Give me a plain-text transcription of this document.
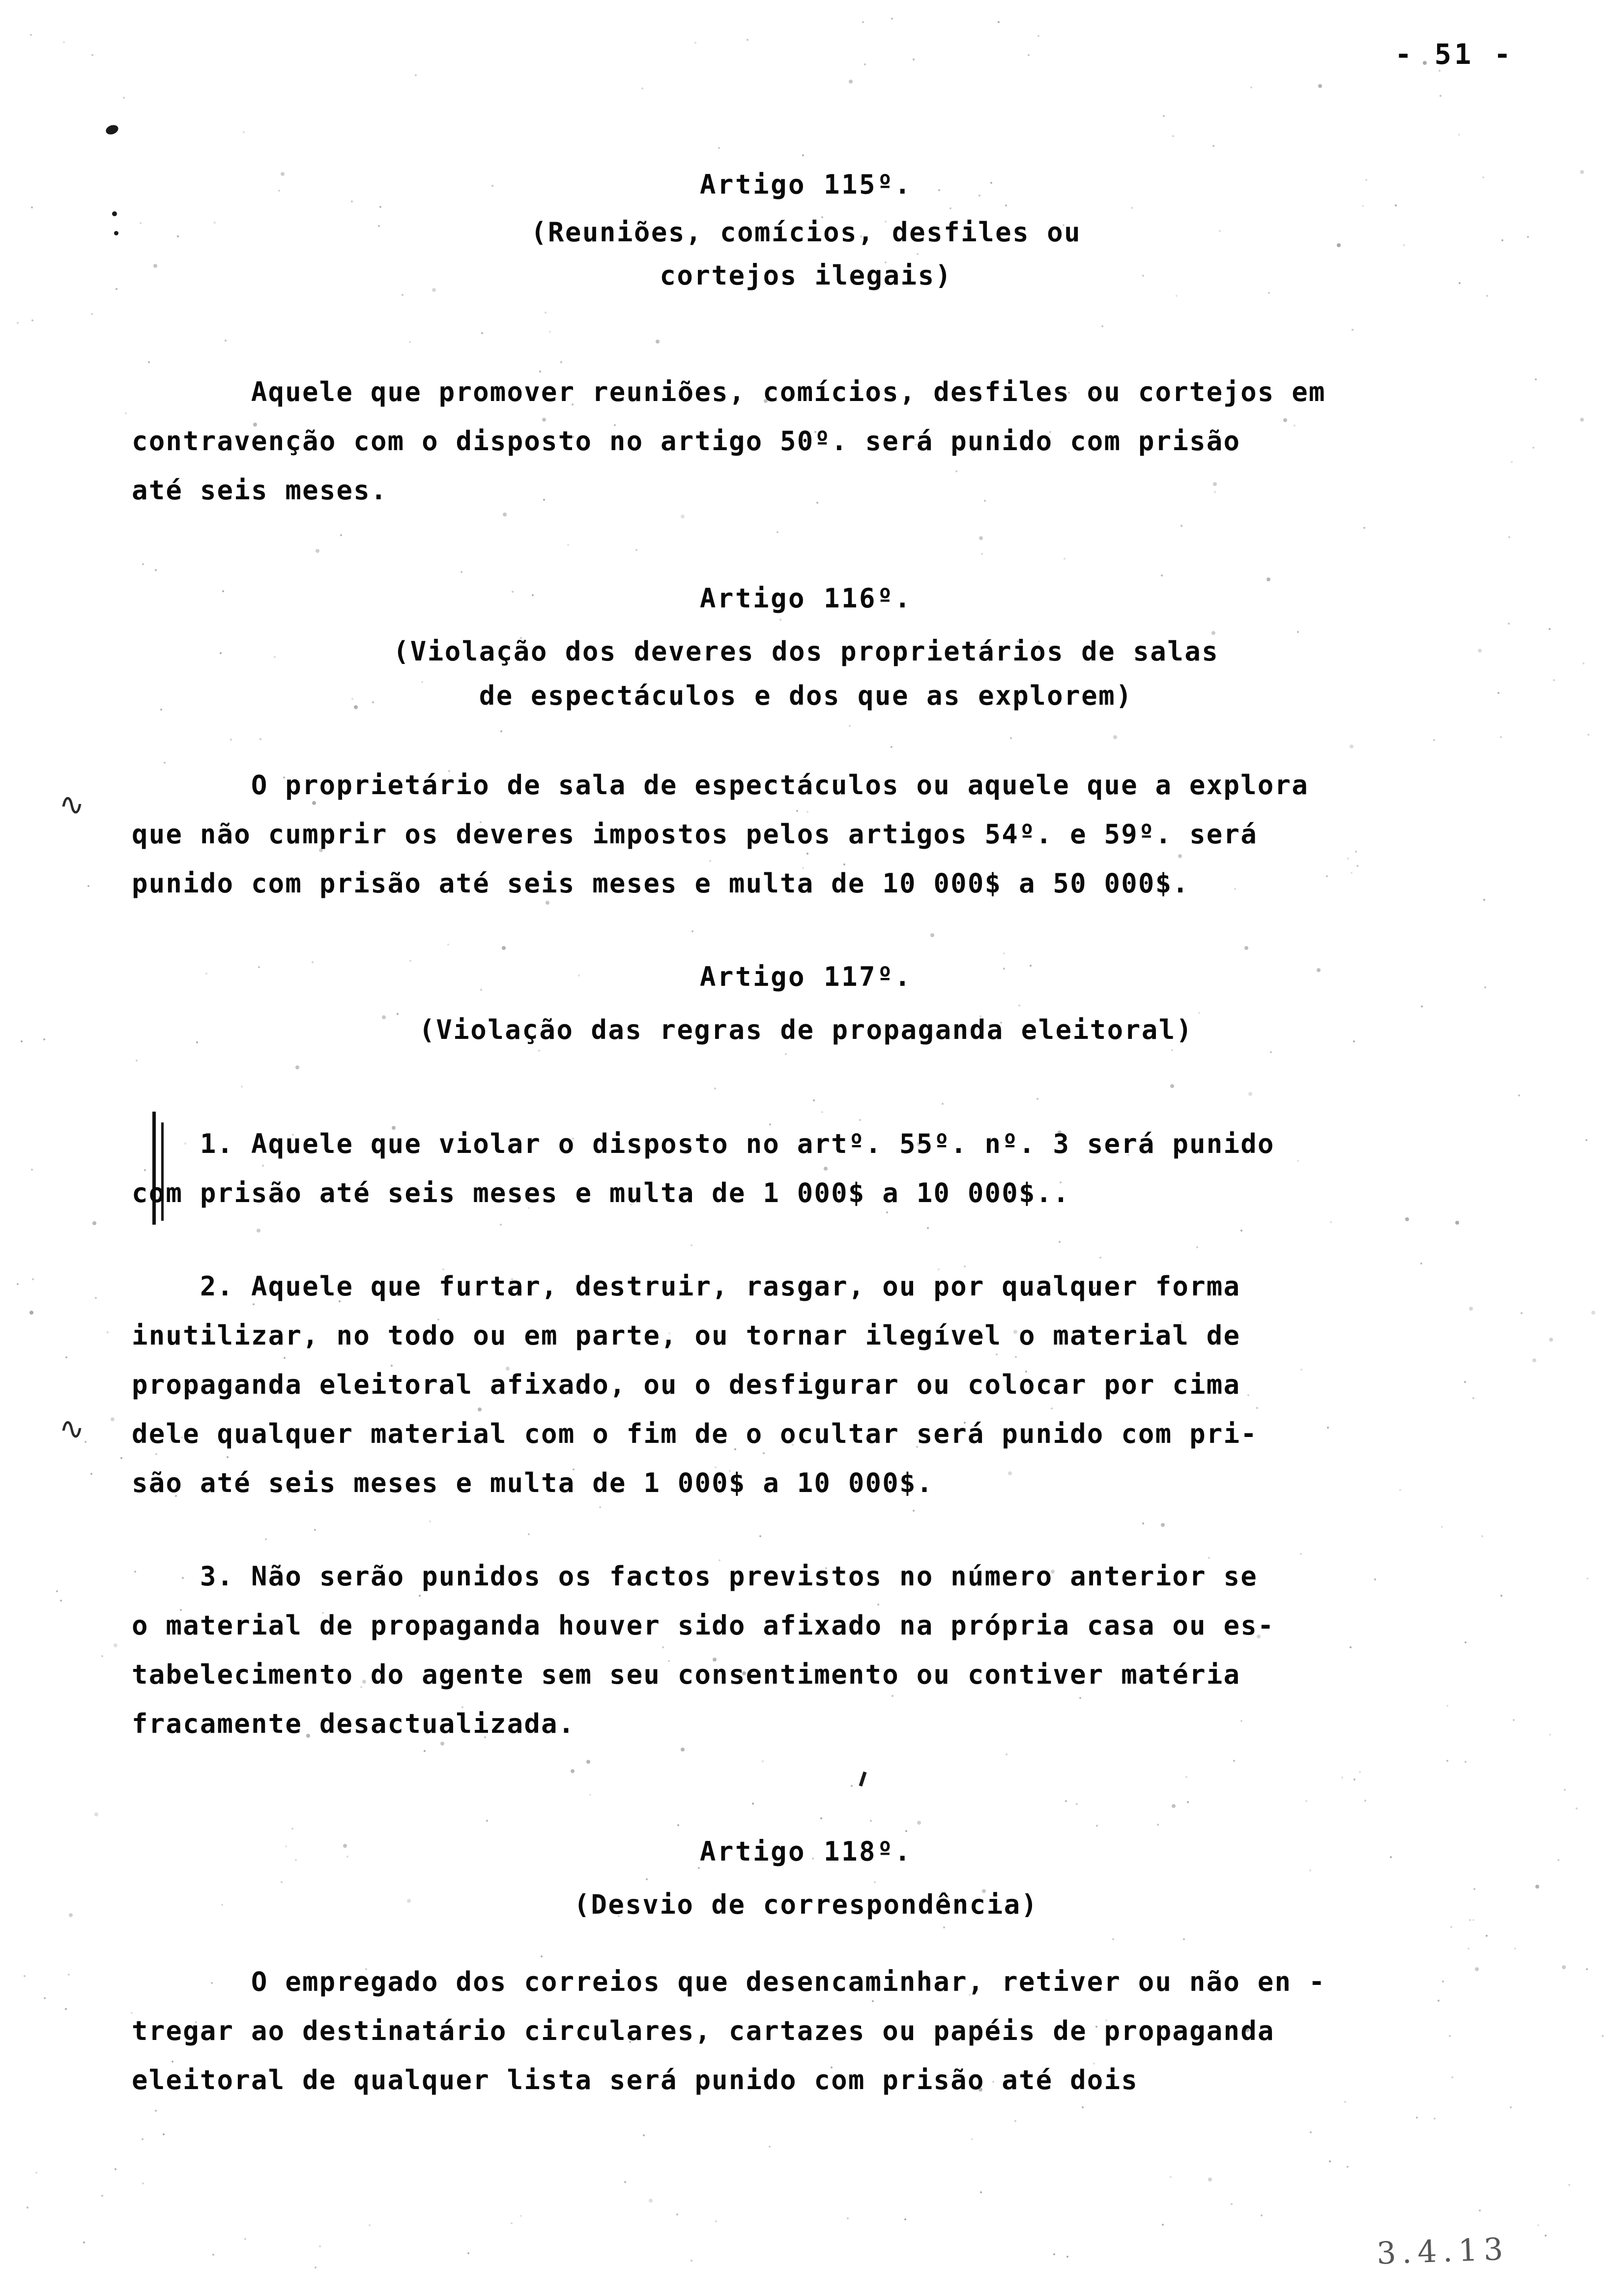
- 51 -
Artigo 115º.
(Reuniões, comícios, desfiles ou
cortejos ilegais)
Aquele que promover reuniões, comícios, desfiles ou cortejos em
contravenção com o disposto no artigo 50º. será punido com prisão
até seis meses.
Artigo 116º.
(Violação dos deveres dos proprietários de salas
de espectáculos e dos que as explorem)
O proprietário de sala de espectáculos ou aquele que a explora
que não cumprir os deveres impostos pelos artigos 54º. e 59º. será
punido com prisão até seis meses e multa de 10 000$ a 50 000$.
∿
∿
Artigo 117º.
(Violação das regras de propaganda eleitoral)
1. Aquele que violar o disposto no artº. 55º. nº. 3 será punido
com prisão até seis meses e multa de 1 000$ a 10 000$..
2. Aquele que furtar, destruir, rasgar, ou por qualquer forma
inutilizar, no todo ou em parte, ou tornar ilegível o material de
propaganda eleitoral afixado, ou o desfigurar ou colocar por cima
dele qualquer material com o fim de o ocultar será punido com pri-
são até seis meses e multa de 1 000$ a 10 000$.
3. Não serão punidos os factos previstos no número anterior se
o material de propaganda houver sido afixado na própria casa ou es-
tabelecimento do agente sem seu consentimento ou contiver matéria
fracamente desactualizada.
Artigo 118º.
(Desvio de correspondência)
O empregado dos correios que desencaminhar, retiver ou não en -
tregar ao destinatário circulares, cartazes ou papéis de propaganda
eleitoral de qualquer lista será punido com prisão até dois
3.4.13
